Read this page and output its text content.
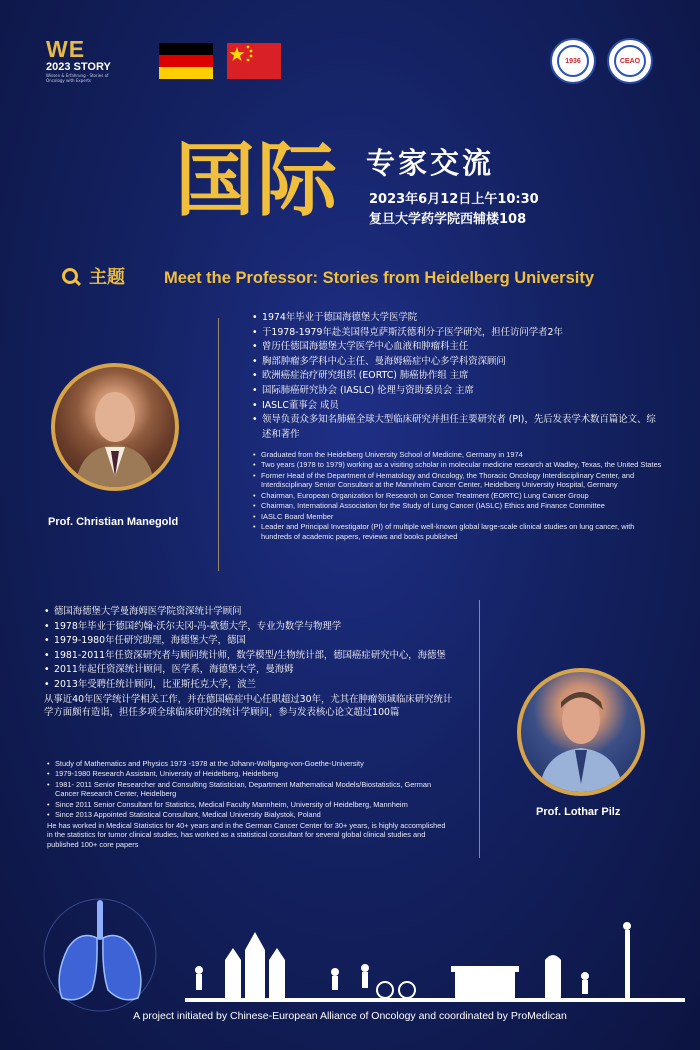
WE
2023 STORY
Wissen & Erfahrung · Stories of Oncology with Experts
1936	CEAO
国际 专家交流
2023年6月12日上午10:30
复旦大学药学院西辅楼108
主题 Meet the Professor: Stories from Heidelberg University
Prof. Christian Manegold
• 1974年毕业于德国海德堡大学医学院
• 于1978-1979年赴美国得克萨斯沃德利分子医学研究，担任访问学者2年
• 曾历任德国海德堡大学医学中心血液和肿瘤科主任
• 胸部肿瘤多学科中心主任、曼海姆癌症中心多学科资深顾问
• 欧洲癌症治疗研究组织 (EORTC) 肺癌协作组 主席
• 国际肺癌研究协会 (IASLC) 伦理与资助委员会 主席
• IASLC董事会 成员
• 领导负责众多知名肺癌全球大型临床研究并担任主要研究者 (PI)，先后发表学术数百篇论文、综述和著作
• Graduated from the Heidelberg University School of Medicine, Germany in 1974
• Two years (1978 to 1979) working as a visiting scholar in molecular medicine research at Wadley, Texas, the United States
• Former Head of the Department of Hematology and Oncology, the Thoracic Oncology Interdisciplinary Center, and Interdisciplinary Senior Consultant at the Mannheim Cancer Center, Heidelberg University Hospital, Germany
• Chairman, European Organization for Research on Cancer Treatment (EORTC) Lung Cancer Group
• Chairman, International Association for the Study of Lung Cancer (IASLC) Ethics and Finance Committee
• IASLC Board Member
• Leader and Principal Investigator (PI) of multiple well-known global large-scale clinical studies on lung cancer, with hundreds of academic papers, reviews and books published
• 德国海德堡大学曼海姆医学院资深统计学顾问
• 1978年毕业于德国约翰-沃尔夫冈-冯-歌德大学，专业为数学与物理学
• 1979-1980年任研究助理，海德堡大学，德国
• 1981-2011年任资深研究者与顾问统计师，数学模型/生物统计部，德国癌症研究中心，海德堡
• 2011年起任资深统计顾问，医学系，海德堡大学，曼海姆
• 2013年受聘任统计顾问，比亚斯托克大学，波兰
从事近40年医学统计学相关工作，并在德国癌症中心任职超过30年，尤其在肿瘤领域临床研究统计学方面颇有造诣，担任多项全球临床研究的统计学顾问，参与发表核心论文超过100篇
• Study of Mathematics and Physics 1973 -1978 at the Johann-Wolfgang-von-Goethe-University
• 1979-1980 Research Assistant, University of Heidelberg, Heidelberg
• 1981- 2011 Senior Researcher and Consulting Statistician, Department Mathematical Models/Biostatistics, German Cancer Research Center, Heidelberg
• Since 2011 Senior Consultant for Statistics, Medical Faculty Mannheim, University of Heidelberg, Mannheim
• Since 2013 Appointed Statistical Consultant, Medical University Bialystok, Poland
He has worked in Medical Statistics for 40+ years and in the German Cancer Center for 30+ years, is highly accomplished in the statistics for tumor clinical studies, has worked as a statistical consultant for several global clinical studies and published 100+ core papers
Prof. Lothar Pilz
A project initiated by Chinese-European Alliance of Oncology and coordinated by ProMedican
